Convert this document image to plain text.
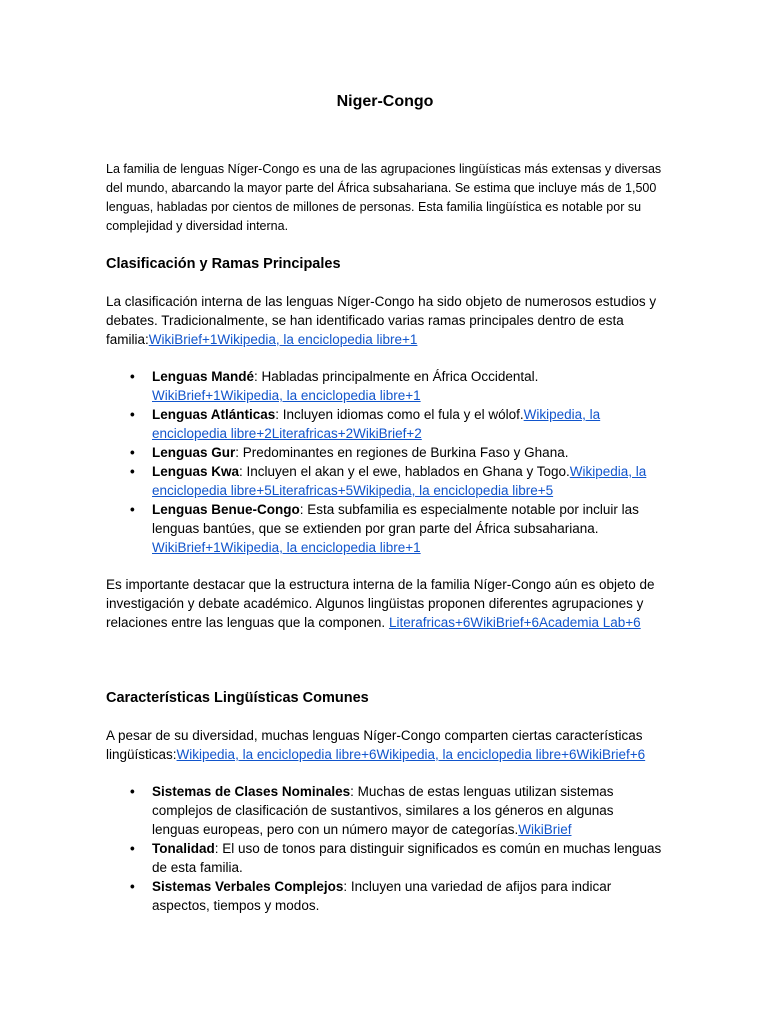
Niger-Congo

La familia de lenguas Níger-Congo es una de las agrupaciones lingüísticas más extensas y diversas del mundo, abarcando la mayor parte del África subsahariana. Se estima que incluye más de 1,500 lenguas, habladas por cientos de millones de personas. Esta familia lingüística es notable por su complejidad y diversidad interna.

Clasificación y Ramas Principales

La clasificación interna de las lenguas Níger-Congo ha sido objeto de numerosos estudios y debates. Tradicionalmente, se han identificado varias ramas principales dentro de esta familia:WikiBrief+1Wikipedia, la enciclopedia libre+1

• Lenguas Mandé: Habladas principalmente en África Occidental. WikiBrief+1Wikipedia, la enciclopedia libre+1
• Lenguas Atlánticas: Incluyen idiomas como el fula y el wólof.Wikipedia, la enciclopedia libre+2Literafricas+2WikiBrief+2
• Lenguas Gur: Predominantes en regiones de Burkina Faso y Ghana.
• Lenguas Kwa: Incluyen el akan y el ewe, hablados en Ghana y Togo.Wikipedia, la enciclopedia libre+5Literafricas+5Wikipedia, la enciclopedia libre+5
• Lenguas Benue-Congo: Esta subfamilia es especialmente notable por incluir las lenguas bantúes, que se extienden por gran parte del África subsahariana. WikiBrief+1Wikipedia, la enciclopedia libre+1

Es importante destacar que la estructura interna de la familia Níger-Congo aún es objeto de investigación y debate académico. Algunos lingüistas proponen diferentes agrupaciones y relaciones entre las lenguas que la componen. Literafricas+6WikiBrief+6Academia Lab+6

Características Lingüísticas Comunes

A pesar de su diversidad, muchas lenguas Níger-Congo comparten ciertas características lingüísticas:Wikipedia, la enciclopedia libre+6Wikipedia, la enciclopedia libre+6WikiBrief+6

• Sistemas de Clases Nominales: Muchas de estas lenguas utilizan sistemas complejos de clasificación de sustantivos, similares a los géneros en algunas lenguas europeas, pero con un número mayor de categorías.WikiBrief
• Tonalidad: El uso de tonos para distinguir significados es común en muchas lenguas de esta familia.
• Sistemas Verbales Complejos: Incluyen una variedad de afijos para indicar aspectos, tiempos y modos.
